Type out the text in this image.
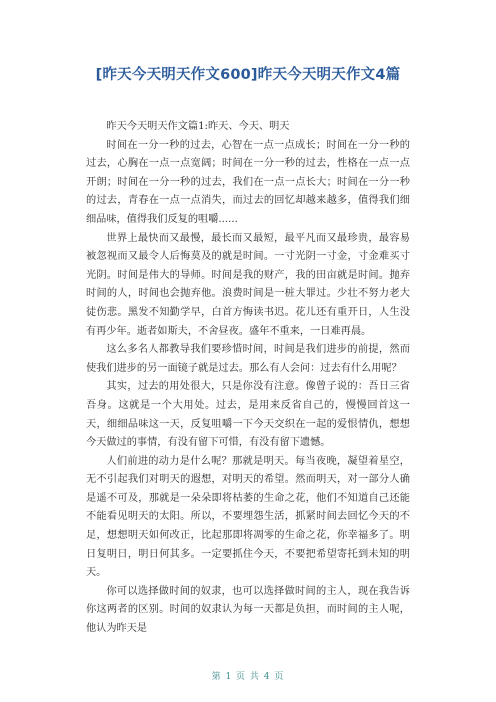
[昨天今天明天作文600]昨天今天明天作文4篇

昨天今天明天作文篇1:昨天、今天、明天

时间在一分一秒的过去，心智在一点一点成长；时间在一分一秒的过去，心胸在一点一点宽阔；时间在一分一秒的过去，性格在一点一点开朗；时间在一分一秒的过去，我们在一点一点长大；时间在一分一秒的过去，青春在一点一点消失，而过去的回忆却越来越多，值得我们细细品味，值得我们反复的咀嚼......

世界上最快而又最慢，最长而又最短，最平凡而又最珍贵，最容易被忽视而又最令人后悔莫及的就是时间。一寸光阴一寸金，寸金难买寸光阴。时间是伟大的导师。时间是我的财产，我的田亩就是时间。抛弃时间的人，时间也会抛弃他。浪费时间是一桩大罪过。少壮不努力老大徒伤悲。黑发不知勤学早，白首方悔读书迟。花儿还有重开日，人生没有再少年。逝者如斯夫，不舍昼夜。盛年不重来，一日难再晨。

这么多名人都教导我们要珍惜时间，时间是我们进步的前提，然而使我们进步的另一面镜子就是过去。那么有人会问：过去有什么用呢？

其实，过去的用处很大，只是你没有注意。像曾子说的：吾日三省吾身。这就是一个大用处。过去，是用来反省自己的，慢慢回首这一天，细细品味这一天，反复咀嚼一下今天交织在一起的爱恨情仇，想想今天做过的事情，有没有留下可惜，有没有留下遗憾。

人们前进的动力是什么呢？那就是明天。每当夜晚，凝望着星空，无不引起我们对明天的遐想，对明天的希望。然而明天，对一部分人确是遥不可及，那就是一朵朵即将枯萎的生命之花，他们不知道自己还能不能看见明天的太阳。所以，不要埋怨生活，抓紧时间去回忆今天的不足，想想明天如何改正，比起那即将凋零的生命之花，你幸福多了。明日复明日，明日何其多。一定要抓住今天，不要把希望寄托到未知的明天。

你可以选择做时间的奴隶，也可以选择做时间的主人，现在我告诉你这两者的区别。时间的奴隶认为每一天都是负担，而时间的主人呢，他认为昨天是

第 1 页 共 4 页
